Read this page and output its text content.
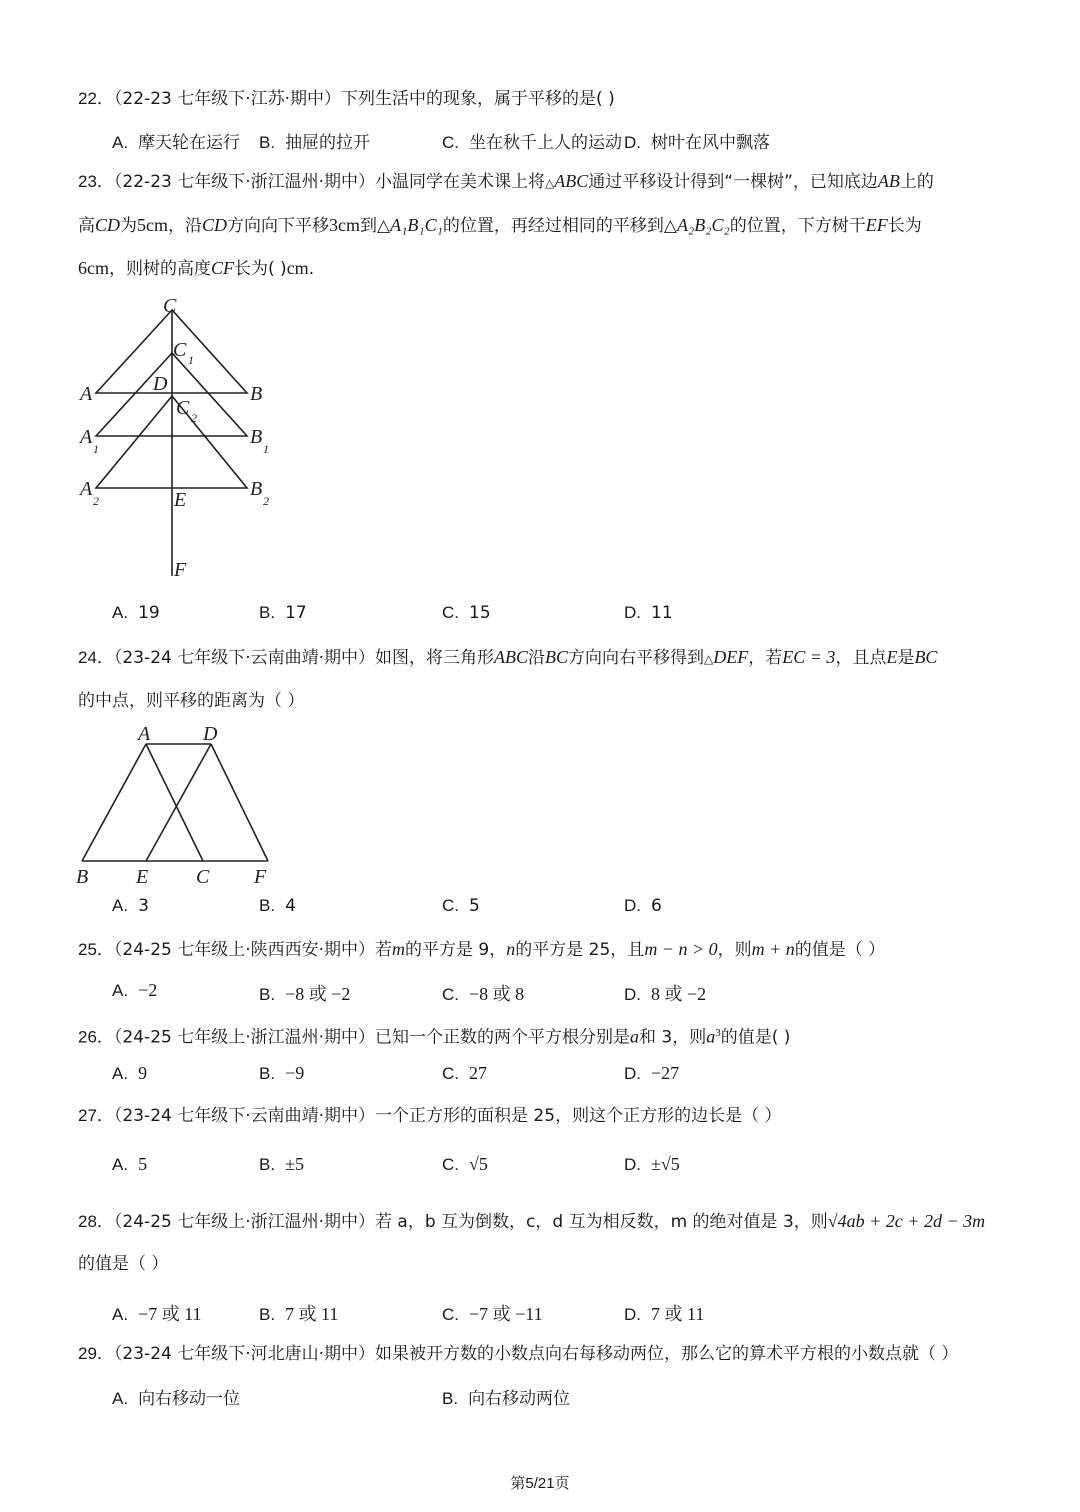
22．（22-23 七年级下·江苏·期中）下列生活中的现象，属于平移的是( )
A. 摩天轮在运行 B. 抽屉的拉开	C. 坐在秋千上人的运动 D. 树叶在风中飘落
23．（22-23 七年级下·浙江温州·期中）小温同学在美术课上将△ABC通过平移设计得到“一棵树”，已知底边AB上的
高CD为5cm，沿CD方向向下平移3cm到△A₁B₁C₁的位置，再经过相同的平移到△A₂B₂C₂的位置，下方树干EF长为
6cm，则树的高度CF长为( )cm.
C
C 1
A	D	B
C 2
A
1
B
1
A
2	E	B
2
F
A. 19	B. 17	C. 15	D. 11
24．（23-24 七年级下·云南曲靖·期中）如图，将三角形ABC沿BC方向向右平移得到△DEF，若EC = 3，且点E是BC
的中点，则平移的距离为（ ）
A	D
B E C F
A. 3	B. 4	C. 5	D. 6
25．（24-25 七年级上·陕西西安·期中）若m的平方是 9，n的平方是 25，且m − n > 0，则m + n的值是（ ）
A. −2	B. −8 或 −2	C. −8 或 8	D. 8 或 −2
26．（24-25 七年级上·浙江温州·期中）已知一个正数的两个平方根分别是a和 3，则$a^3$的值是( )
A. 9	B. −9	C. 27	D. −27
27．（23-24 七年级下·云南曲靖·期中）一个正方形的面积是 25，则这个正方形的边长是（ ）
A. 5	B. ±5	C. √5	D. ±√5
28．（24-25 七年级上·浙江温州·期中）若 a，b 互为倒数，c，d 互为相反数，m 的绝对值是 3，则√4ab + 2c + 2d − 3m
的值是（ ）
A. −7 或 11	B. 7 或 11	C. −7 或 −11	D. 7 或 11
29．（23-24 七年级下·河北唐山·期中）如果被开方数的小数点向右每移动两位，那么它的算术平方根的小数点就（ ）
A. 向右移动一位	B. 向右移动两位
第5/21页
